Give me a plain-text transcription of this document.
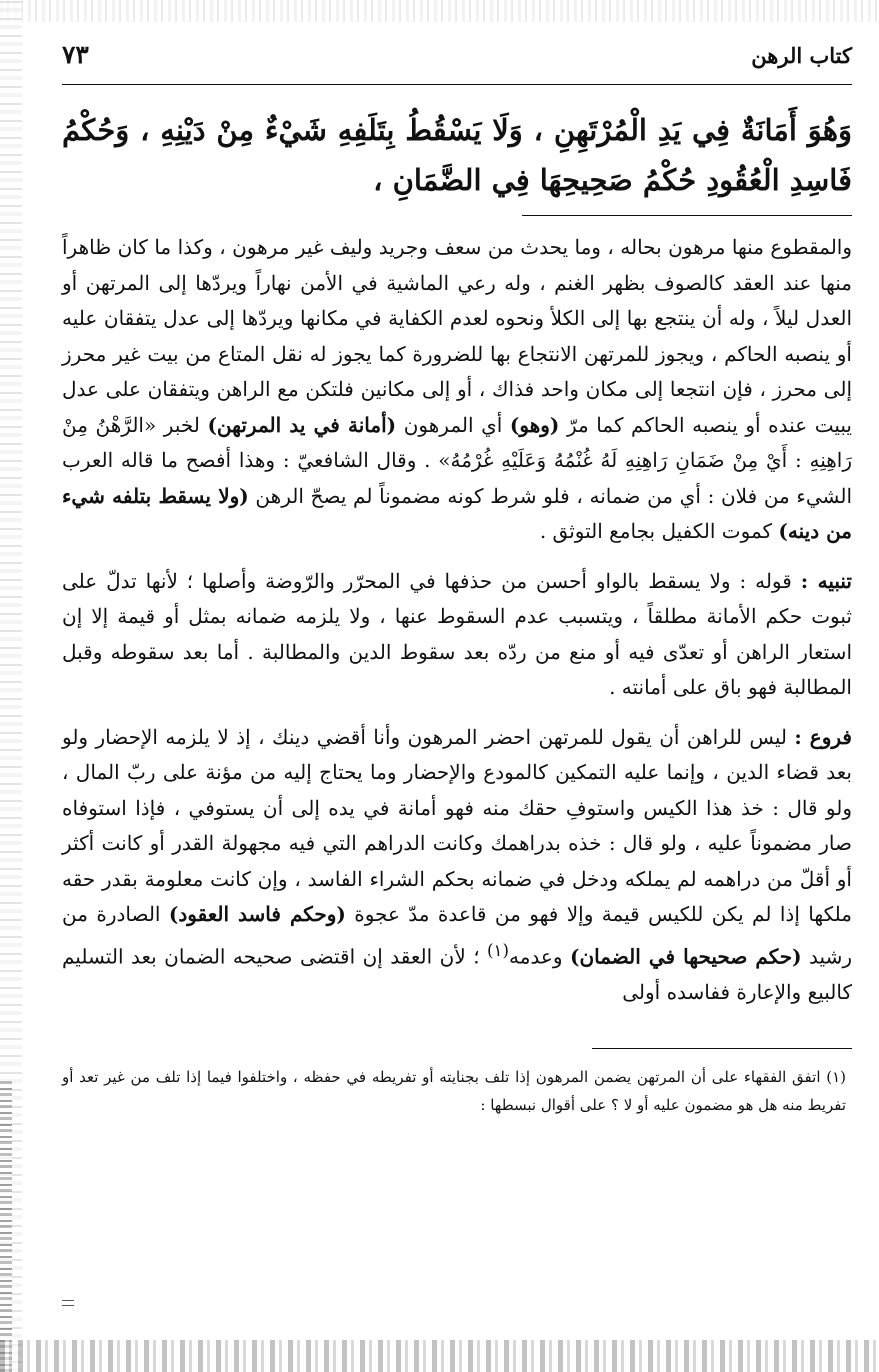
كتاب الرهن
٧٣
وَهُوَ أَمَانَةٌ فِي يَدِ الْمُرْتَهِنِ ، وَلَا يَسْقُطُ بِتَلَفِهِ شَيْءٌ مِنْ دَيْنِهِ ، وَحُكْمُ فَاسِدِ الْعُقُودِ حُكْمُ صَحِيحِهَا فِي الضَّمَانِ ،

والمقطوع منها مرهون بحاله ، وما يحدث من سعف وجريد وليف غير مرهون ، وكذا ما كان ظاهراً منها عند العقد كالصوف بظهر الغنم ، وله رعي الماشية في الأمن نهاراً ويردّها إلى المرتهن أو العدل ليلاً ، وله أن ينتجع بها إلى الكلأ ونحوه لعدم الكفاية في مكانها ويردّها إلى عدل يتفقان عليه أو ينصبه الحاكم ، ويجوز للمرتهن الانتجاع بها للضرورة كما يجوز له نقل المتاع من بيت غير محرز إلى محرز ، فإن انتجعا إلى مكان واحد فذاك ، أو إلى مكانين فلتكن مع الراهن ويتفقان على عدل يبيت عنده أو ينصبه الحاكم كما مرّ (وهو) أي المرهون (أمانة في يد المرتهن) لخبر «الرَّهْنُ مِنْ رَاهِنِهِ : أَيْ مِنْ ضَمَانِ رَاهِنِهِ لَهُ غُنْمُهُ وَعَلَيْهِ غُرْمُهُ» . وقال الشافعيّ : وهذا أفصح ما قاله العرب الشيء من فلان : أي من ضمانه ، فلو شرط كونه مضموناً لم يصحّ الرهن (ولا يسقط بتلفه شيء من دينه) كموت الكفيل بجامع التوثق .

تنبيه : قوله : ولا يسقط بالواو أحسن من حذفها في المحرّر والرّوضة وأصلها ؛ لأنها تدلّ على ثبوت حكم الأمانة مطلقاً ، ويتسبب عدم السقوط عنها ، ولا يلزمه ضمانه بمثل أو قيمة إلا إن استعار الراهن أو تعدّى فيه أو منع من ردّه بعد سقوط الدين والمطالبة . أما بعد سقوطه وقبل المطالبة فهو باق على أمانته .

فروع : ليس للراهن أن يقول للمرتهن احضر المرهون وأنا أقضي دينك ، إذ لا يلزمه الإحضار ولو بعد قضاء الدين ، وإنما عليه التمكين كالمودع والإحضار وما يحتاج إليه من مؤنة على ربّ المال ، ولو قال : خذ هذا الكيس واستوفِ حقك منه فهو أمانة في يده إلى أن يستوفي ، فإذا استوفاه صار مضموناً عليه ، ولو قال : خذه بدراهمك وكانت الدراهم التي فيه مجهولة القدر أو كانت أكثر أو أقلّ من دراهمه لم يملكه ودخل في ضمانه بحكم الشراء الفاسد ، وإن كانت معلومة بقدر حقه ملكها إذا لم يكن للكيس قيمة وإلا فهو من قاعدة مدّ عجوة (وحكم فاسد العقود) الصادرة من رشيد (حكم صحيحها في الضمان) وعدمه$^{(١)}$ ؛ لأن العقد إن اقتضى صحيحه الضمان بعد التسليم كالبيع والإعارة ففاسده أولى

(١) اتفق الفقهاء على أن المرتهن يضمن المرهون إذا تلف بجنايته أو تفريطه في حفظه ، واختلفوا فيما إذا تلف من غير تعد أو تفريط منه هل هو مضمون عليه أو لا ؟ على أقوال نبسطها :
